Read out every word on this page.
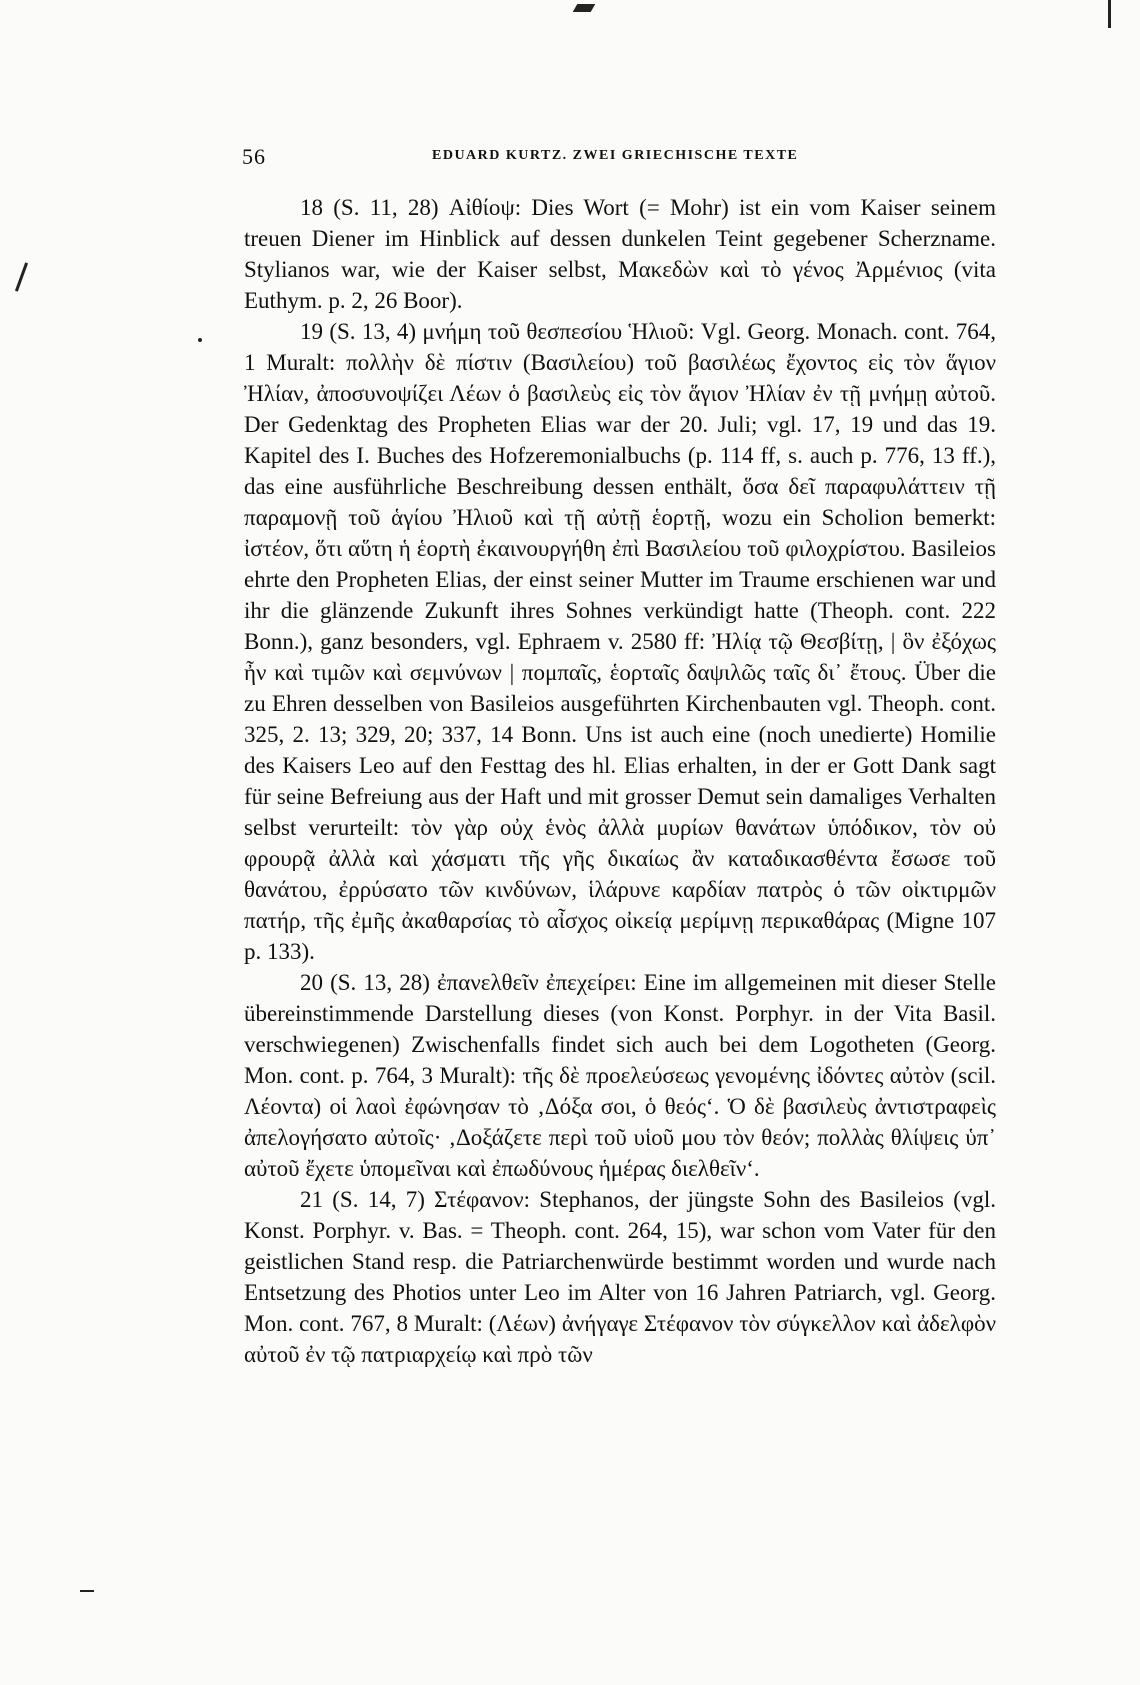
56	EDUARD KURTZ. ZWEI GRIECHISCHE TEXTE

18 (S. 11, 28) Αἰθίοψ: Dies Wort (= Mohr) ist ein vom Kaiser seinem treuen Diener im Hinblick auf dessen dunkelen Teint gegebener Scherzname. Stylianos war, wie der Kaiser selbst, Μακεδὼν καὶ τὸ γένος Ἀρμένιος (vita Euthym. p. 2, 26 Boor).

19 (S. 13, 4) μνήμη τοῦ θεσπεσίου Ἡλιοῦ: Vgl. Georg. Monach. cont. 764, 1 Muralt: πολλὴν δὲ πίστιν (Βασιλείου) τοῦ βασιλέως ἔχοντος εἰς τὸν ἅγιον Ἠλίαν, ἀποσυνοψίζει Λέων ὁ βασιλεὺς εἰς τὸν ἅγιον Ἠλίαν ἐν τῇ μνήμῃ αὐτοῦ. Der Gedenktag des Propheten Elias war der 20. Juli; vgl. 17, 19 und das 19. Kapitel des I. Buches des Hofzeremonialbuchs (p. 114 ff, s. auch p. 776, 13 ff.), das eine ausführliche Beschreibung dessen enthält, ὅσα δεῖ παραφυλάττειν τῇ παραμονῇ τοῦ ἁγίου Ἠλιοῦ καὶ τῇ αὐτῇ ἑορτῇ, wozu ein Scholion bemerkt: ἰστέον, ὅτι αὕτη ἡ ἑορτὴ ἐκαινουργήθη ἐπὶ Βασιλείου τοῦ φιλοχρίστου. Basileios ehrte den Propheten Elias, der einst seiner Mutter im Traume erschienen war und ihr die glänzende Zukunft ihres Sohnes verkündigt hatte (Theoph. cont. 222 Bonn.), ganz besonders, vgl. Ephraem v. 2580 ff: Ἠλίᾳ τῷ Θεσβίτῃ, | ὃν ἐξόχως ἦν καὶ τιμῶν καὶ σεμνύνων | πομπαῖς, ἑορταῖς δαψιλῶς ταῖς δι᾽ ἔτους. Über die zu Ehren desselben von Basileios ausgeführten Kirchenbauten vgl. Theoph. cont. 325, 2. 13; 329, 20; 337, 14 Bonn. Uns ist auch eine (noch unedierte) Homilie des Kaisers Leo auf den Festtag des hl. Elias erhalten, in der er Gott Dank sagt für seine Befreiung aus der Haft und mit grosser Demut sein damaliges Verhalten selbst verurteilt: τὸν γὰρ οὐχ ἑνὸς ἀλλὰ μυρίων θανάτων ὑπόδικον, τὸν οὐ φρουρᾷ ἀλλὰ καὶ χάσματι τῆς γῆς δικαίως ἂν καταδικασθέντα ἔσωσε τοῦ θανάτου, ἐρρύσατο τῶν κινδύνων, ἱλάρυνε καρδίαν πατρὸς ὁ τῶν οἰκτιρμῶν πατήρ, τῆς ἐμῆς ἀκαθαρσίας τὸ αἶσχος οἰκείᾳ μερίμνῃ περικαθάρας (Migne 107 p. 133).

20 (S. 13, 28) ἐπανελθεῖν ἐπεχείρει: Eine im allgemeinen mit dieser Stelle übereinstimmende Darstellung dieses (von Konst. Porphyr. in der Vita Basil. verschwiegenen) Zwischenfalls findet sich auch bei dem Logotheten (Georg. Mon. cont. p. 764, 3 Muralt): τῆς δὲ προελεύσεως γενομένης ἰδόντες αὐτὸν (scil. Λέοντα) οἱ λαοὶ ἐφώνησαν τὸ ‚Δόξα σοι, ὁ θεός‘. Ὁ δὲ βασιλεὺς ἀντιστραφεὶς ἀπελογήσατο αὐτοῖς· ‚Δοξάζετε περὶ τοῦ υἱοῦ μου τὸν θεόν; πολλὰς θλίψεις ὑπ᾽ αὐτοῦ ἔχετε ὑπομεῖναι καὶ ἐπωδύνους ἡμέρας διελθεῖν‘.

21 (S. 14, 7) Στέφανον: Stephanos, der jüngste Sohn des Basileios (vgl. Konst. Porphyr. v. Bas. = Theoph. cont. 264, 15), war schon vom Vater für den geistlichen Stand resp. die Patriarchenwürde bestimmt worden und wurde nach Entsetzung des Photios unter Leo im Alter von 16 Jahren Patriarch, vgl. Georg. Mon. cont. 767, 8 Muralt: (Λέων) ἀνήγαγε Στέφανον τὸν σύγκελλον καὶ ἀδελφὸν αὐτοῦ ἐν τῷ πατριαρχείῳ καὶ πρὸ τῶν
